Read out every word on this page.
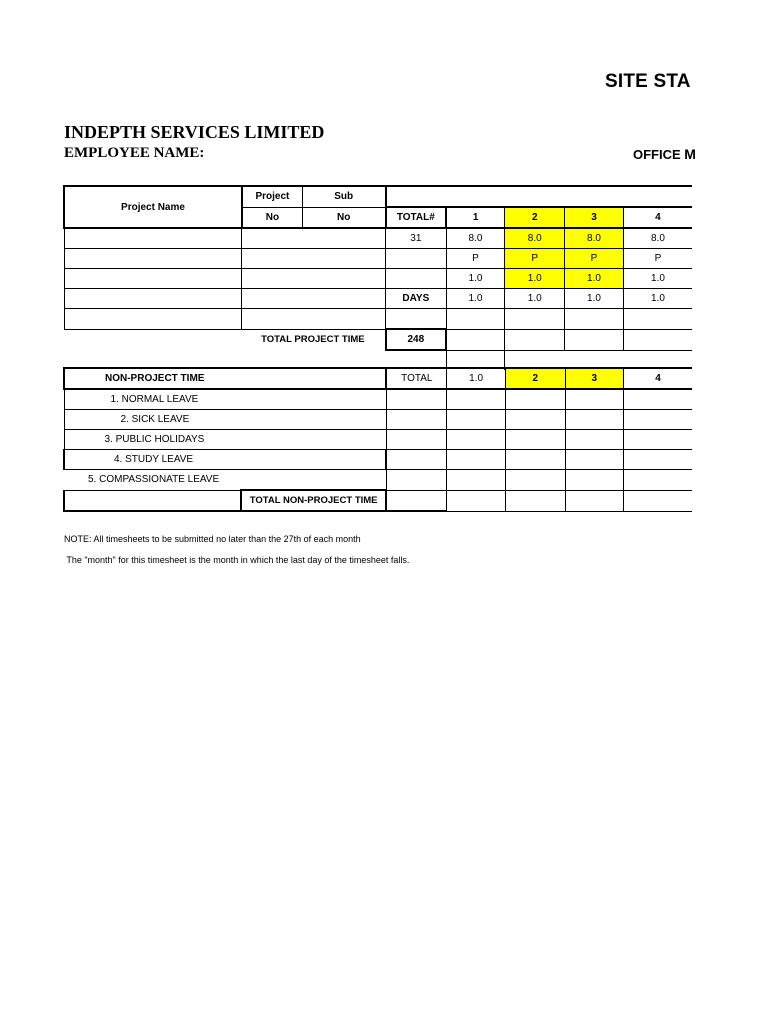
SITE STA
INDEPTH SERVICES LIMITED
EMPLOYEE NAME:	OFFICE M
Project Name	Project	Sub					
	No	No	TOTAL#	1	2	3	4
			31	8.0	8.0	8.0	8.0
				P	P	P	P
				1.0	1.0	1.0	1.0
			DAYS	1.0	1.0	1.0	1.0

TOTAL PROJECT TIME			248				

NON-PROJECT TIME		TOTAL	1.0	2	3	4
1. NORMAL LEAVE						
2. SICK LEAVE						
3. PUBLIC HOLIDAYS						
4. STUDY LEAVE						
5. COMPASSIONATE LEAVE						
	TOTAL NON-PROJECT TIME					
NOTE: All timesheets to be submitted no later than the 27th of each month
The "month" for this timesheet is the month in which the last day of the timesheet falls.
